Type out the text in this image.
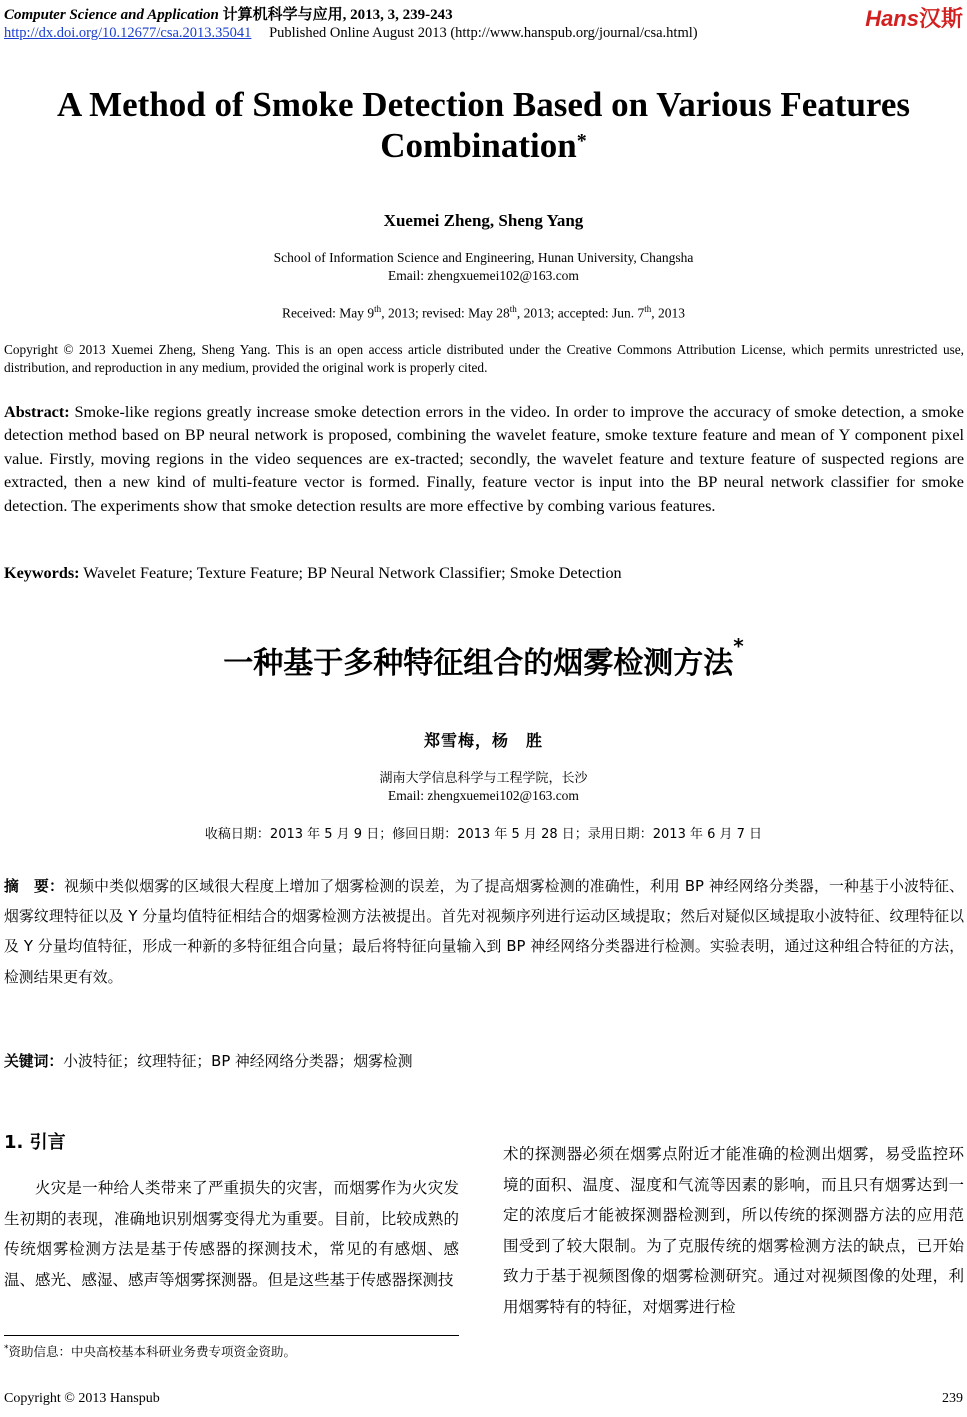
Computer Science and Application 计算机科学与应用, 2013, 3, 239-243
http://dx.doi.org/10.12677/csa.2013.35041 Published Online August 2013 (http://www.hanspub.org/journal/csa.html)
Hans汉斯
A Method of Smoke Detection Based on Various Features
Combination*
Xuemei Zheng, Sheng Yang
School of Information Science and Engineering, Hunan University, Changsha
Email: zhengxuemei102@163.com
Received: May 9th, 2013; revised: May 28th, 2013; accepted: Jun. 7th, 2013
Copyright © 2013 Xuemei Zheng, Sheng Yang. This is an open access article distributed under the Creative Commons Attribution License, which permits unrestricted use, distribution, and reproduction in any medium, provided the original work is properly cited.
Abstract: Smoke-like regions greatly increase smoke detection errors in the video. In order to improve the accuracy of smoke detection, a smoke detection method based on BP neural network is proposed, combining the wavelet feature, smoke texture feature and mean of Y component pixel value. Firstly, moving regions in the video sequences are ex-tracted; secondly, the wavelet feature and texture feature of suspected regions are extracted, then a new kind of multi-feature vector is formed. Finally, feature vector is input into the BP neural network classifier for smoke detection. The experiments show that smoke detection results are more effective by combing various features.
Keywords: Wavelet Feature; Texture Feature; BP Neural Network Classifier; Smoke Detection
一种基于多种特征组合的烟雾检测方法*
郑雪梅，杨　胜
湖南大学信息科学与工程学院，长沙
Email: zhengxuemei102@163.com
收稿日期：2013 年 5 月 9 日；修回日期：2013 年 5 月 28 日；录用日期：2013 年 6 月 7 日
摘　要：视频中类似烟雾的区域很大程度上增加了烟雾检测的误差，为了提高烟雾检测的准确性，利用 BP 神经网络分类器，一种基于小波特征、烟雾纹理特征以及 Y 分量均值特征相结合的烟雾检测方法被提出。首先对视频序列进行运动区域提取；然后对疑似区域提取小波特征、纹理特征以及 Y 分量均值特征，形成一种新的多特征组合向量；最后将特征向量输入到 BP 神经网络分类器进行检测。实验表明，通过这种组合特征的方法，检测结果更有效。
关键词：小波特征；纹理特征；BP 神经网络分类器；烟雾检测
1. 引言
火灾是一种给人类带来了严重损失的灾害，而烟雾作为火灾发生初期的表现，准确地识别烟雾变得尤为重要。目前，比较成熟的传统烟雾检测方法是基于传感器的探测技术，常见的有感烟、感温、感光、感湿、感声等烟雾探测器。但是这些基于传感器探测技
术的探测器必须在烟雾点附近才能准确的检测出烟雾，易受监控环境的面积、温度、湿度和气流等因素的影响，而且只有烟雾达到一定的浓度后才能被探测器检测到，所以传统的探测器方法的应用范围受到了较大限制。为了克服传统的烟雾检测方法的缺点，已开始致力于基于视频图像的烟雾检测研究。通过对视频图像的处理，利用烟雾特有的特征，对烟雾进行检
*资助信息：中央高校基本科研业务费专项资金资助。
Copyright © 2013 Hanspub	239
